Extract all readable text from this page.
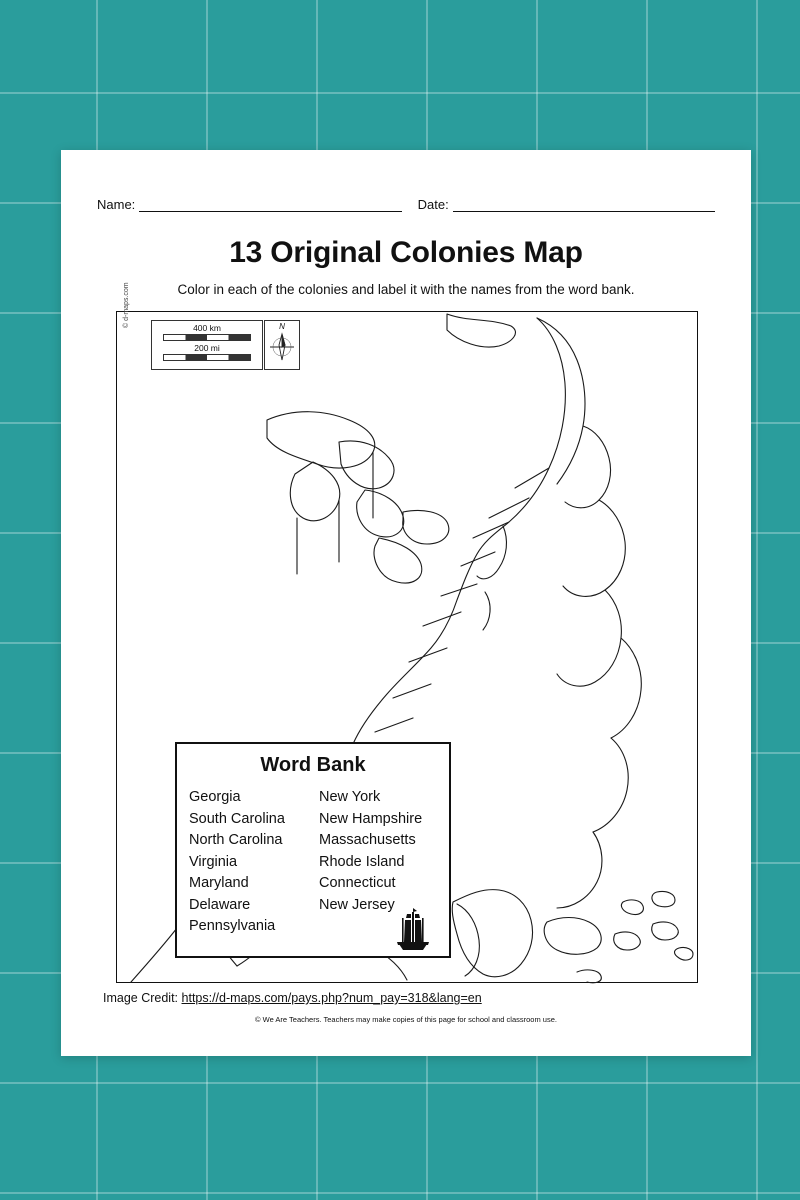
Name:	Date:
13 Original Colonies Map
Color in each of the colonies and label it with the names from the word bank.
© d-maps.com	400 km
200 mi
N
Word Bank
Georgia
South Carolina
North Carolina
Virginia
Maryland
Delaware
Pennsylvania
New York
New Hampshire
Massachusetts
Rhode Island
Connecticut
New Jersey
Image Credit: https://d-maps.com/pays.php?num_pay=318&lang=en
© We Are Teachers. Teachers may make copies of this page for school and classroom use.
